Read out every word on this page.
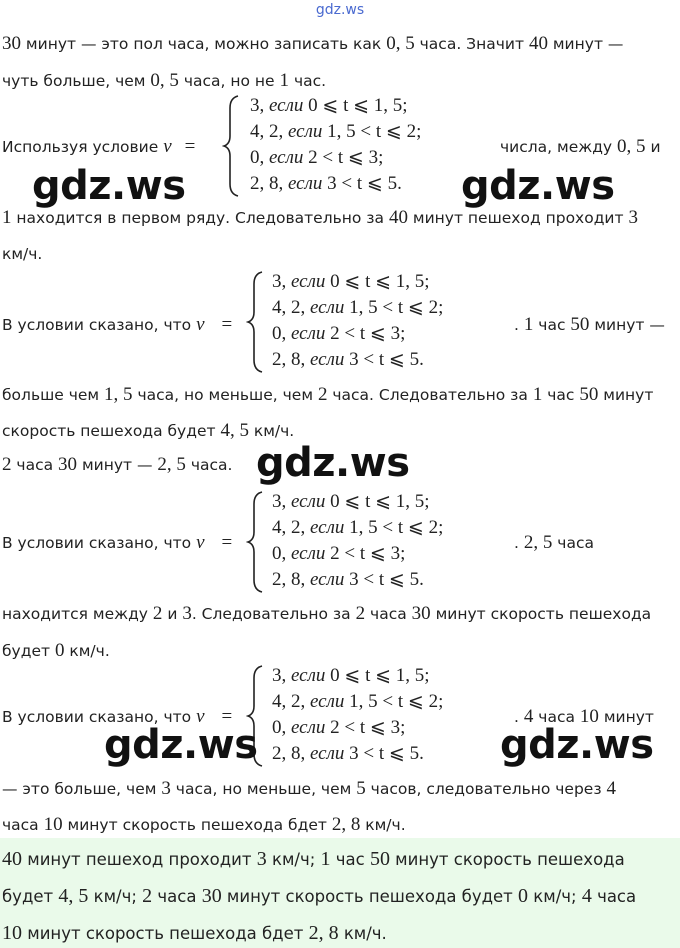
gdz.ws
30 минут — это пол часа, можно записать как 0, 5 часа. Значит 40 минут —
чуть больше, чем 0, 5 часа, но не 1 час.
Используя условие v =
3, если 0 ⩽ t ⩽ 1, 5;
4, 2, если 1, 5 < t ⩽ 2;
0, если 2 < t ⩽ 3;
2, 8, если 3 < t ⩽ 5.
числа, между 0, 5 и
gdz.ws	gdz.ws
1 находится в первом ряду. Следовательно за 40 минут пешеход проходит 3
км/ч.
В условии сказано, что v =
3, если 0 ⩽ t ⩽ 1, 5;
4, 2, если 1, 5 < t ⩽ 2;
0, если 2 < t ⩽ 3;
2, 8, если 3 < t ⩽ 5.
. 1 час 50 минут —
больше чем 1, 5 часа, но меньше, чем 2 часа. Следовательно за 1 час 50 минут
скорость пешехода будет 4, 5 км/ч.
2 часа 30 минут — 2, 5 часа. gdz.ws
В условии сказано, что v =
3, если 0 ⩽ t ⩽ 1, 5;
4, 2, если 1, 5 < t ⩽ 2;
0, если 2 < t ⩽ 3;
2, 8, если 3 < t ⩽ 5.
. 2, 5 часа
находится между 2 и 3. Следовательно за 2 часа 30 минут скорость пешехода
будет 0 км/ч.
В условии сказано, что v =
3, если 0 ⩽ t ⩽ 1, 5;
4, 2, если 1, 5 < t ⩽ 2;
0, если 2 < t ⩽ 3;
2, 8, если 3 < t ⩽ 5.
. 4 часа 10 минут
gdz.ws	gdz.ws
— это больше, чем 3 часа, но меньше, чем 5 часов, следовательно через 4
часа 10 минут скорость пешехода бдет 2, 8 км/ч.
40 минут пешеход проходит 3 км/ч; 1 час 50 минут скорость пешехода
будет 4, 5 км/ч; 2 часа 30 минут скорость пешехода будет 0 км/ч; 4 часа
10 минут скорость пешехода бдет 2, 8 км/ч.
